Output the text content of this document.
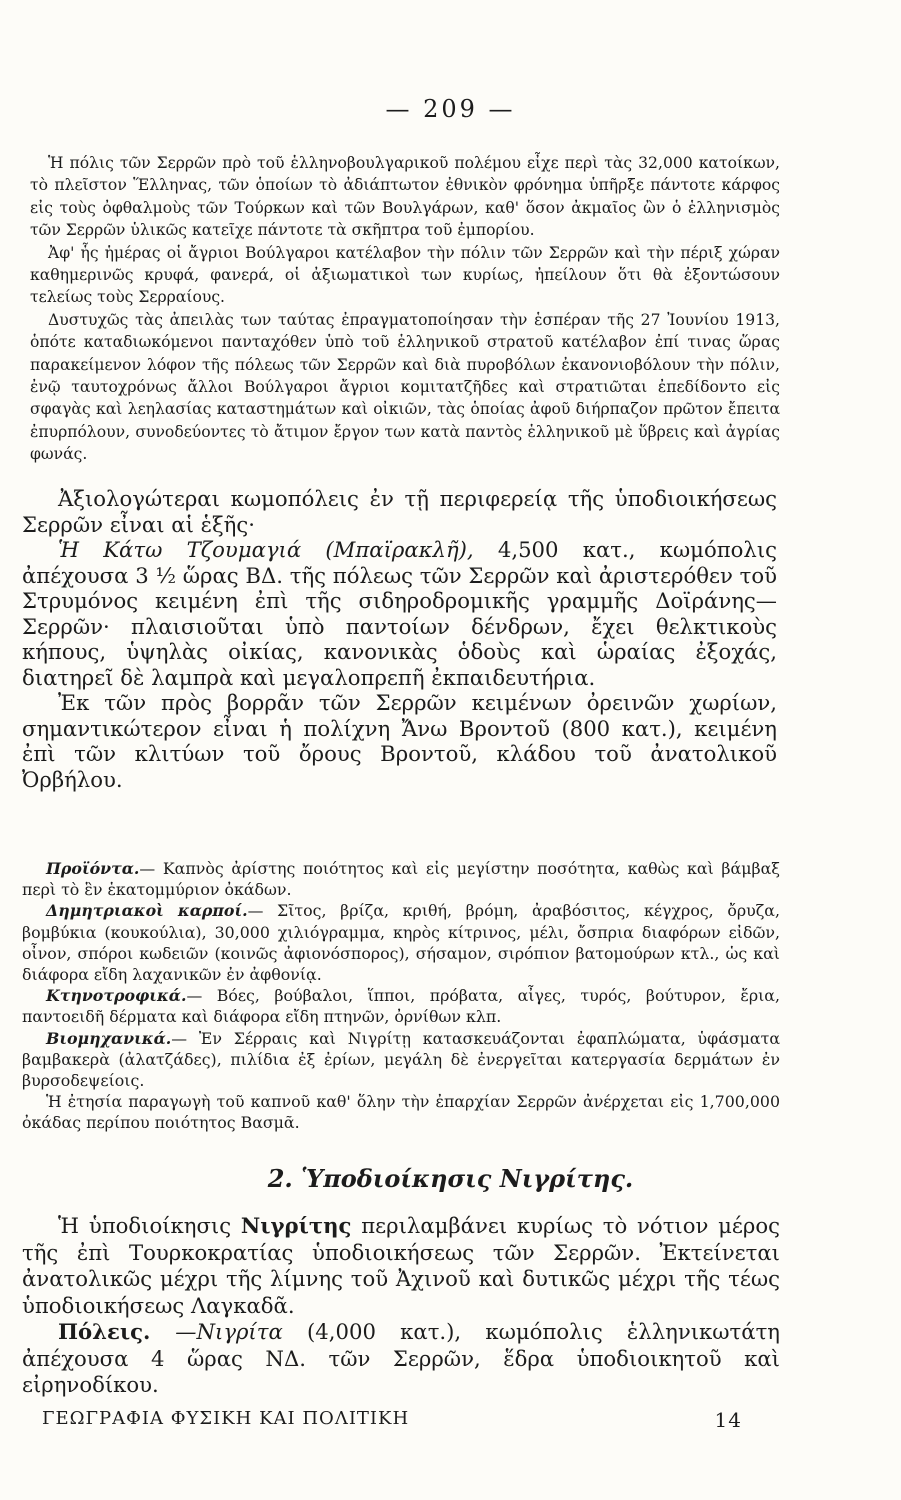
— 209 —

Ἡ πόλις τῶν Σερρῶν πρὸ τοῦ ἑλληνοβουλγαρικοῦ πολέμου εἶχε περὶ τὰς 32,000 κατοίκων, τὸ πλεῖστον Ἕλληνας, τῶν ὁποίων τὸ ἀδιάπτωτον ἐθνικὸν φρόνημα ὑπῆρξε πάντοτε κάρφος εἰς τοὺς ὀφθαλμοὺς τῶν Τούρκων καὶ τῶν Βουλγάρων, καθ' ὅσον ἀκμαῖος ὢν ὁ ἑλληνισμὸς τῶν Σερρῶν ὑλικῶς κατεῖχε πάντοτε τὰ σκῆπτρα τοῦ ἐμπορίου.

Ἀφ' ἧς ἡμέρας οἱ ἄγριοι Βούλγαροι κατέλαβον τὴν πόλιν τῶν Σερρῶν καὶ τὴν πέριξ χώραν καθημερινῶς κρυφά, φανερά, οἱ ἀξιωματικοὶ των κυρίως, ἠπείλουν ὅτι θὰ ἐξοντώσουν τελείως τοὺς Σερραίους.

Δυστυχῶς τὰς ἀπειλὰς των ταύτας ἐπραγματοποίησαν τὴν ἑσπέραν τῆς 27 Ἰουνίου 1913, ὁπότε καταδιωκόμενοι πανταχόθεν ὑπὸ τοῦ ἑλληνικοῦ στρατοῦ κατέλαβον ἐπί τινας ὥρας παρακείμενον λόφον τῆς πόλεως τῶν Σερρῶν καὶ διὰ πυροβόλων ἐκανονιοβόλουν τὴν πόλιν, ἐνῷ ταυτοχρόνως ἄλλοι Βούλγαροι ἄγριοι κομιτατζῆδες καὶ στρατιῶται ἐπεδίδοντο εἰς σφαγὰς καὶ λεηλασίας καταστημάτων καὶ οἰκιῶν, τὰς ὁποίας ἀφοῦ διήρπαζον πρῶτον ἔπειτα ἐπυρπόλουν, συνοδεύοντες τὸ ἄτιμον ἔργον των κατὰ παντὸς ἑλληνικοῦ μὲ ὕβρεις καὶ ἀγρίας φωνάς.

Ἀξιολογώτεραι κωμοπόλεις ἐν τῇ περιφερείᾳ τῆς ὑποδιοικήσεως Σερρῶν εἶναι αἱ ἑξῆς·

Ἡ Κάτω Τζουμαγιά (Μπαϊρακλῆ), 4,500 κατ., κωμόπολις ἀπέχουσα 3 ½ ὥρας ΒΔ. τῆς πόλεως τῶν Σερρῶν καὶ ἀριστερόθεν τοῦ Στρυμόνος κειμένη ἐπὶ τῆς σιδηροδρομικῆς γραμμῆς Δοϊράνης—Σερρῶν· πλαισιοῦται ὑπὸ παντοίων δένδρων, ἔχει θελκτικοὺς κήπους, ὑψηλὰς οἰκίας, κανονικὰς ὁδοὺς καὶ ὡραίας ἐξοχάς, διατηρεῖ δὲ λαμπρὰ καὶ μεγαλοπρεπῆ ἐκπαιδευτήρια.

Ἐκ τῶν πρὸς βορρᾶν τῶν Σερρῶν κειμένων ὀρεινῶν χωρίων, σημαντικώτερον εἶναι ἡ πολίχνη Ἄνω Βροντοῦ (800 κατ.), κειμένη ἐπὶ τῶν κλιτύων τοῦ ὄρους Βροντοῦ, κλάδου τοῦ ἀνατολικοῦ Ὀρβήλου.

Προϊόντα.— Καπνὸς ἀρίστης ποιότητος καὶ εἰς μεγίστην ποσότητα, καθὼς καὶ βάμβαξ περὶ τὸ ἓν ἑκατομμύριον ὀκάδων.

Δημητριακοὶ καρποί.— Σῖτος, βρίζα, κριθή, βρόμη, ἀραβόσιτος, κέγχρος, ὄρυζα, βομβύκια (κουκούλια), 30,000 χιλιόγραμμα, κηρὸς κίτρινος, μέλι, ὄσπρια διαφόρων εἰδῶν, οἶνον, σπόροι κωδειῶν (κοινῶς ἀφιονόσπορος), σήσαμον, σιρόπιον βατομούρων κτλ., ὡς καὶ διάφορα εἴδη λαχανικῶν ἐν ἀφθονίᾳ.

Κτηνοτροφικά.— Βόες, βούβαλοι, ἵπποι, πρόβατα, αἶγες, τυρός, βούτυρον, ἔρια, παντοειδῆ δέρματα καὶ διάφορα εἴδη πτηνῶν, ὀρνίθων κλπ.

Βιομηχανικά.— Ἐν Σέρραις καὶ Νιγρίτῃ κατασκευάζονται ἐφαπλώματα, ὑφάσματα βαμβακερὰ (ἀλατζάδες), πιλίδια ἐξ ἐρίων, μεγάλη δὲ ἐνεργεῖται κατεργασία δερμάτων ἐν βυρσοδεψείοις.

Ἡ ἐτησία παραγωγὴ τοῦ καπνοῦ καθ' ὅλην τὴν ἐπαρχίαν Σερρῶν ἀνέρχεται εἰς 1,700,000 ὀκάδας περίπου ποιότητος Βασμᾶ.

2. Ὑποδιοίκησις Νιγρίτης.

Ἡ ὑποδιοίκησις Νιγρίτης περιλαμβάνει κυρίως τὸ νότιον μέρος τῆς ἐπὶ Τουρκοκρατίας ὑποδιοικήσεως τῶν Σερρῶν. Ἐκτείνεται ἀνατολικῶς μέχρι τῆς λίμνης τοῦ Ἀχινοῦ καὶ δυτικῶς μέχρι τῆς τέως ὑποδιοικήσεως Λαγκαδᾶ.

Πόλεις. —Νιγρίτα (4,000 κατ.), κωμόπολις ἑλληνικωτάτη ἀπέχουσα 4 ὥρας ΝΔ. τῶν Σερρῶν, ἕδρα ὑποδιοικητοῦ καὶ εἰρηνοδίκου.

ΓΕΩΓΡΑΦΙΑ ΦΥΣΙΚΗ ΚΑΙ ΠΟΛΙΤΙΚΗ	14
